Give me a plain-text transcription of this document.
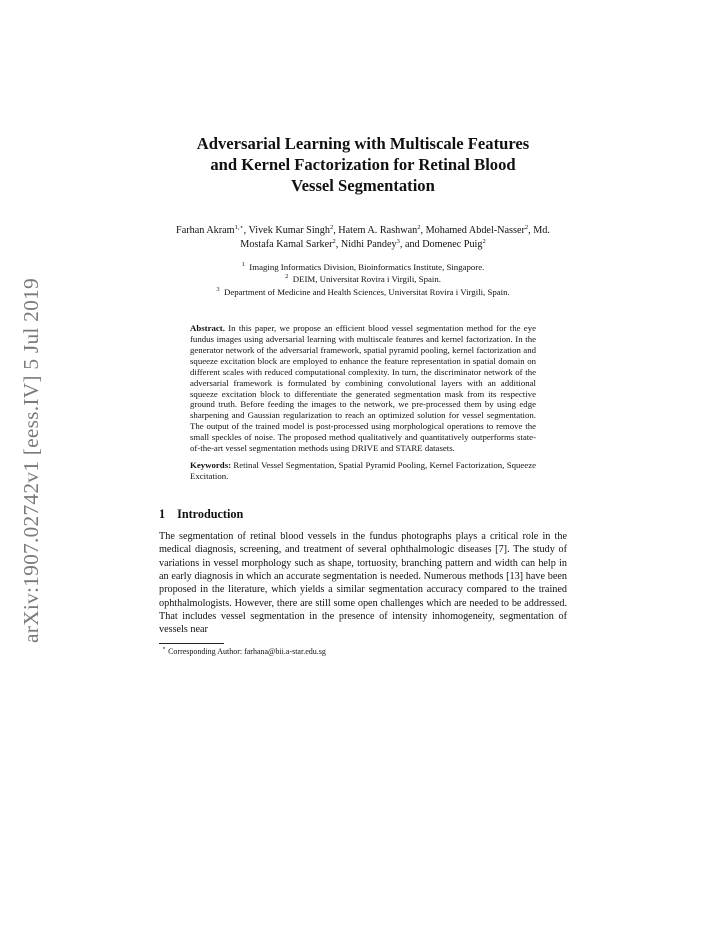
arXiv:1907.02742v1 [eess.IV] 5 Jul 2019
Adversarial Learning with Multiscale Features
and Kernel Factorization for Retinal Blood
Vessel Segmentation
Farhan Akram$^{1,⋆}$, Vivek Kumar Singh$^2$, Hatem A. Rashwan$^2$, Mohamed Abdel-Nasser$^2$, Md. Mostafa Kamal Sarker$^2$, Nidhi Pandey$^3$, and Domenec Puig$^2$
$^1$ Imaging Informatics Division, Bioinformatics Institute, Singapore.
$^2$ DEIM, Universitat Rovira i Virgili, Spain.
$^3$ Department of Medicine and Health Sciences, Universitat Rovira i Virgili, Spain.
Abstract. In this paper, we propose an efficient blood vessel segmentation method for the eye fundus images using adversarial learning with multiscale features and kernel factorization. In the generator network of the adversarial framework, spatial pyramid pooling, kernel factorization and squeeze excitation block are employed to enhance the feature representation in spatial domain on different scales with reduced computational complexity. In turn, the discriminator network of the adversarial framework is formulated by combining convolutional layers with an additional squeeze excitation block to differentiate the generated segmentation mask from its respective ground truth. Before feeding the images to the network, we pre-processed them by using edge sharpening and Gaussian regularization to reach an optimized solution for vessel segmentation. The output of the trained model is post-processed using morphological operations to remove the small speckles of noise. The proposed method qualitatively and quantitatively outperforms state-of-the-art vessel segmentation methods using DRIVE and STARE datasets.
Keywords: Retinal Vessel Segmentation, Spatial Pyramid Pooling, Kernel Factorization, Squeeze Excitation.
1 Introduction
The segmentation of retinal blood vessels in the fundus photographs plays a critical role in the medical diagnosis, screening, and treatment of several ophthalmologic diseases [7]. The study of variations in vessel morphology such as shape, tortuosity, branching pattern and width can help in an early diagnosis in which an accurate segmentation is needed. Numerous methods [13] have been proposed in the literature, which yields a similar segmentation accuracy compared to the trained ophthalmologists. However, there are still some open challenges which are needed to be addressed. That includes vessel segmentation in the presence of intensity inhomogeneity, segmentation of vessels near
⋆ Corresponding Author: farhana@bii.a-star.edu.sg
